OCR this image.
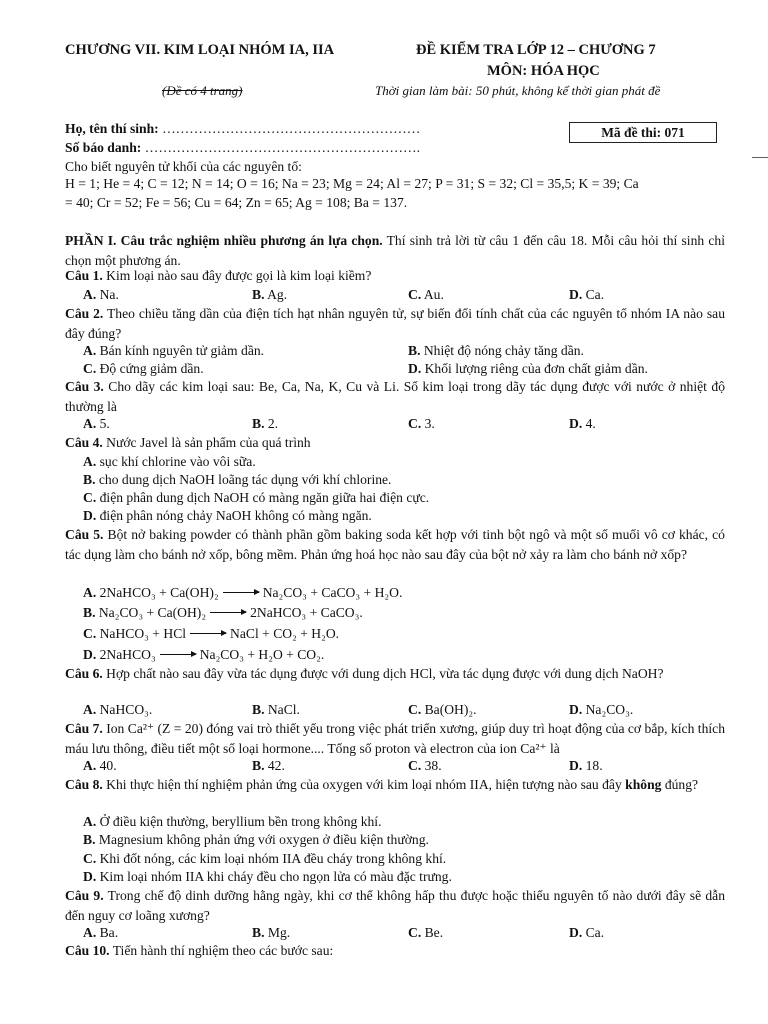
CHƯƠNG VII. KIM LOẠI NHÓM IA, IIA	ĐỀ KIỂM TRA LỚP 12 – CHƯƠNG 7
MÔN: HÓA HỌC
(Đề có 4 trang)	Thời gian làm bài: 50 phút, không kể thời gian phát đề
Họ, tên thí sinh: …………………………………………………
Số báo danh: …………………………………………………….
Mã đề thi: 071
Cho biết nguyên tử khối của các nguyên tố:
H = 1; He = 4; C = 12; N = 14; O = 16; Na = 23; Mg = 24; Al = 27; P = 31; S = 32; Cl = 35,5; K = 39; Ca
= 40; Cr = 52; Fe = 56; Cu = 64; Zn = 65; Ag = 108; Ba = 137.
PHẦN I. Câu trắc nghiệm nhiều phương án lựa chọn. Thí sinh trả lời từ câu 1 đến câu 18. Mỗi câu hỏi thí sinh chỉ chọn một phương án.
Câu 1. Kim loại nào sau đây được gọi là kim loại kiềm?
A. Na.	B. Ag.	C. Au.	D. Ca.
Câu 2. Theo chiều tăng dần của điện tích hạt nhân nguyên tử, sự biến đổi tính chất của các nguyên tố nhóm IA nào sau đây đúng?
A. Bán kính nguyên tử giảm dần.	B. Nhiệt độ nóng chảy tăng dần.
C. Độ cứng giảm dần.	D. Khối lượng riêng của đơn chất giảm dần.
Câu 3. Cho dãy các kim loại sau: Be, Ca, Na, K, Cu và Li. Số kim loại trong dãy tác dụng được với nước ở nhiệt độ thường là
A. 5.	B. 2.	C. 3.	D. 4.
Câu 4. Nước Javel là sản phẩm của quá trình
A. sục khí chlorine vào vôi sữa.
B. cho dung dịch NaOH loãng tác dụng với khí chlorine.
C. điện phân dung dịch NaOH có màng ngăn giữa hai điện cực.
D. điện phân nóng chảy NaOH không có màng ngăn.
Câu 5. Bột nở baking powder có thành phần gồm baking soda kết hợp với tinh bột ngô và một số muối vô cơ khác, có tác dụng làm cho bánh nở xốp, bông mềm. Phản ứng hoá học nào sau đây của bột nở xảy ra làm cho bánh nở xốp?
A. 2NaHCO₃ + Ca(OH)₂ → Na₂CO₃ + CaCO₃ + H₂O.
B. Na₂CO₃ + Ca(OH)₂ → 2NaHCO₃ + CaCO₃.
C. NaHCO₃ + HCl → NaCl + CO₂ + H₂O.
D. 2NaHCO₃ → Na₂CO₃ + H₂O + CO₂.
Câu 6. Hợp chất nào sau đây vừa tác dụng được với dung dịch HCl, vừa tác dụng được với dung dịch NaOH?
A. NaHCO₃.	B. NaCl.	C. Ba(OH)₂.	D. Na₂CO₃.
Câu 7. Ion Ca²⁺ (Z = 20) đóng vai trò thiết yếu trong việc phát triển xương, giúp duy trì hoạt động của cơ bắp, kích thích máu lưu thông, điều tiết một số loại hormone.... Tổng số proton và electron của ion Ca²⁺ là
A. 40.	B. 42.	C. 38.	D. 18.
Câu 8. Khi thực hiện thí nghiệm phản ứng của oxygen với kim loại nhóm IIA, hiện tượng nào sau đây không đúng?
A. Ở điều kiện thường, beryllium bền trong không khí.
B. Magnesium không phản ứng với oxygen ở điều kiện thường.
C. Khi đốt nóng, các kim loại nhóm IIA đều cháy trong không khí.
D. Kim loại nhóm IIA khi cháy đều cho ngọn lửa có màu đặc trưng.
Câu 9. Trong chế độ dinh dưỡng hằng ngày, khi cơ thể không hấp thu được hoặc thiếu nguyên tố nào dưới đây sẽ dẫn đến nguy cơ loãng xương?
A. Ba.	B. Mg.	C. Be.	D. Ca.
Câu 10. Tiến hành thí nghiệm theo các bước sau:
